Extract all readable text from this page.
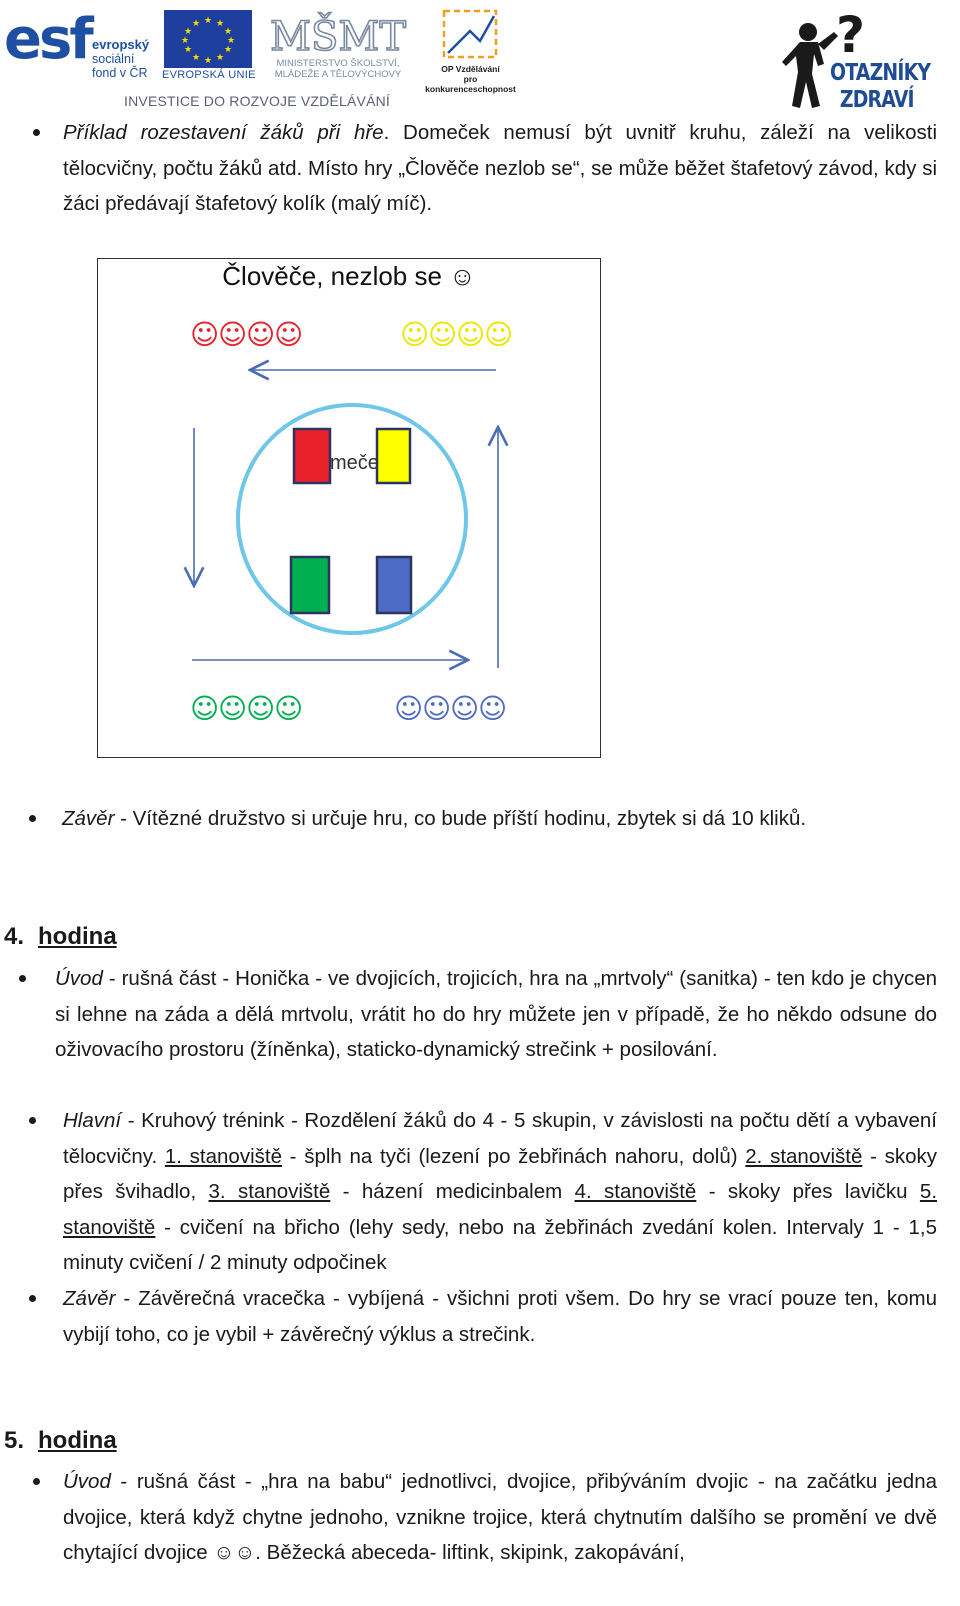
esf evropský
sociální
fond v ČR
★ ★
★
★
★
★
★
★
★
★
★
★
EVROPSKÁ UNIE
MŠMT
MINISTERSTVO ŠKOLSTVÍ,
MLÁDEŽE A TĚLOVÝCHOVY	OP Vzdělávání
pro konkurenceschopnost
INVESTICE DO ROZVOJE VZDĚLÁVÁNÍ
?
OTAZNÍKY
ZDRAVÍ
Příklad rozestavení žáků při hře. Domeček nemusí být uvnitř kruhu, záleží na velikosti tělocvičny, počtu žáků atd. Místo hry „Člověče nezlob se“, se může běžet štafetový závod, kdy si žáci předávají štafetový kolík (malý míč).
Člověče, nezlob se ☺
meče
☺
☺
☺
☺	☺
☺
☺
☺
☺
☺
☺
☺	☺
☺
☺
☺
Závěr - Vítězné družstvo si určuje hru, co bude příští hodinu, zbytek si dá 10 kliků.
4. hodina
Úvod - rušná část - Honička - ve dvojicích, trojicích, hra na „mrtvoly“ (sanitka) - ten kdo je chycen si lehne na záda a dělá mrtvolu, vrátit ho do hry můžete jen v případě, že ho někdo odsune do oživovacího prostoru (žíněnka), staticko-dynamický strečink + posilování.
Hlavní - Kruhový trénink - Rozdělení žáků do 4 - 5 skupin, v závislosti na počtu dětí a vybavení tělocvičny. 1. stanoviště - šplh na tyči (lezení po žebřinách nahoru, dolů) 2. stanoviště - skoky přes švihadlo, 3. stanoviště - házení medicinbalem 4. stanoviště - skoky přes lavičku 5. stanoviště - cvičení na břicho (lehy sedy, nebo na žebřinách zvedání kolen. Intervaly 1 - 1,5 minuty cvičení / 2 minuty odpočinek
Závěr - Závěrečná vracečka - vybíjená - všichni proti všem. Do hry se vrací pouze ten, komu vybijí toho, co je vybil + závěrečný výklus a strečink.
5. hodina
Úvod - rušná část - „hra na babu“ jednotlivci, dvojice, přibýváním dvojic - na začátku jedna dvojice, která když chytne jednoho, vznikne trojice, která chytnutím dalšího se promění ve dvě chytající dvojice ☺☺. Běžecká abeceda- liftink, skipink, zakopávání,
